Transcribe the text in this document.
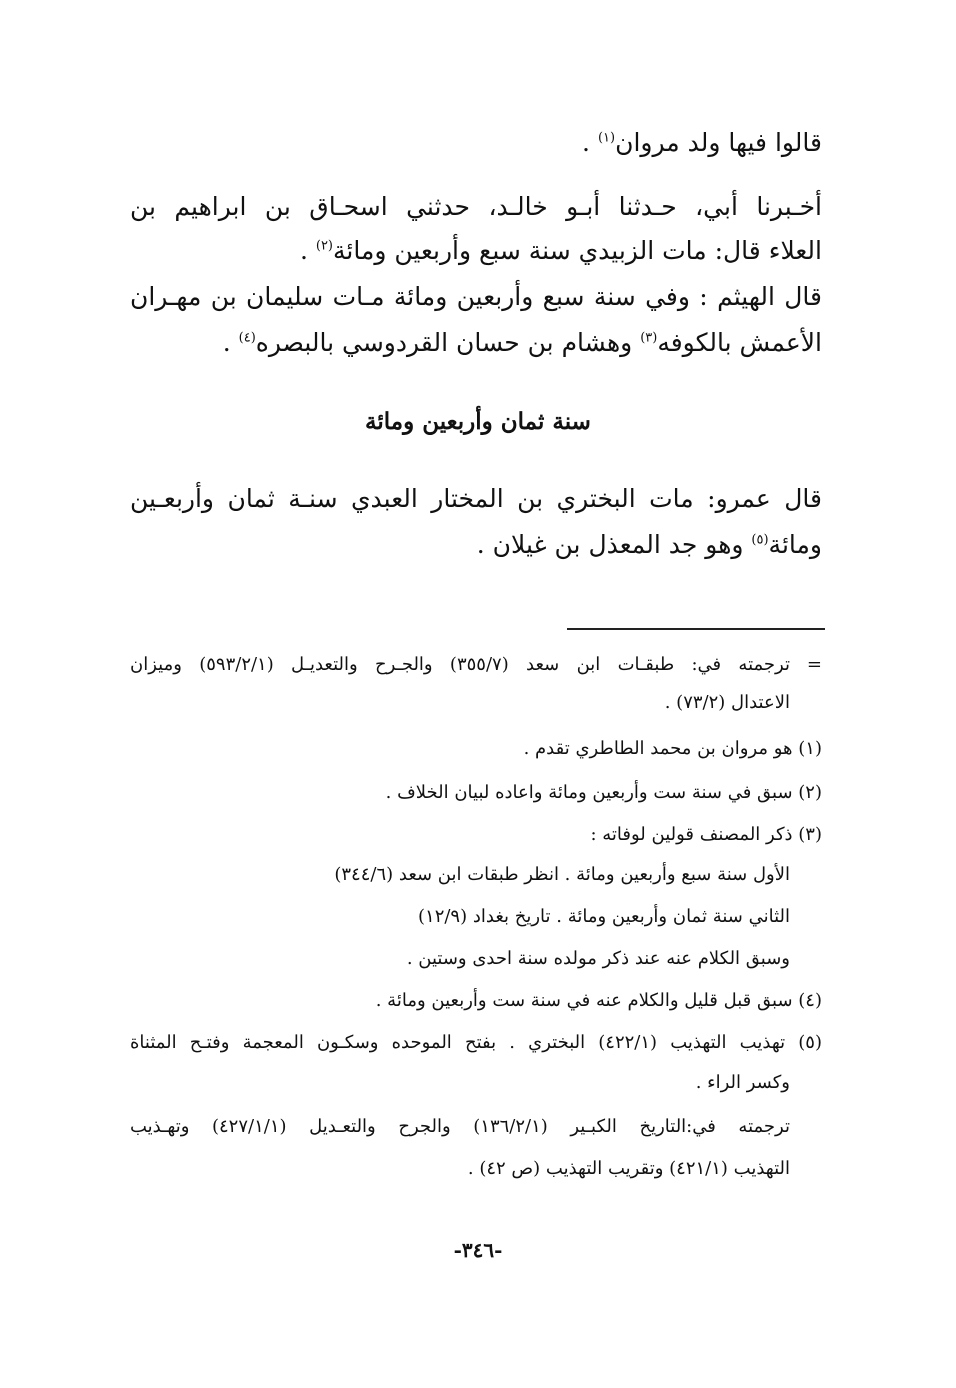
قالوا فيها ولد مروان$^{(١)}$ .
أخـبرنا أبي، حـدثنا أبـو خالـد، حدثني اسحـاق بن ابراهيم بن
العلاء قال: مات الزبيدي سنة سبع وأربعين ومائة$^{(٢)}$ .
قال الهيثم : وفي سنة سبع وأربعين ومائة مـات سليمان بن مهـران
الأعمش بالكوفه$^{(٣)}$ وهشام بن حسان القردوسي بالبصره$^{(٤)}$ .
سنة ثمان وأربعين ومائة
قال عمرو: مات البختري بن المختار العبدي سنـة ثمان وأربعـين
ومائة$^{(٥)}$ وهو جد المعذل بن غيلان .
=
ترجمته في: طبقـات ابن سعد (٣٥٥/٧) والجـرح والتعديـل (٥٩٣/٢/١) وميزان
الاعتدال (٧٣/٢) .
(١) هو مروان بن محمد الطاطري تقدم .
(٢) سبق في سنة ست وأربعين ومائة واعاده لبيان الخلاف .
(٣) ذكر المصنف قولين لوفاته :
الأول سنة سبع وأربعين ومائة . انظر طبقات ابن سعد (٣٤٤/٦)
الثاني سنة ثمان وأربعين ومائة . تاريخ بغداد (١٢/٩)
وسبق الكلام عنه عند ذكر مولده سنة احدى وستين .
(٤) سبق قبل قليل والكلام عنه في سنة ست وأربعين ومائة .
(٥) تهذيب التهذيب (٤٢٢/١) البختري . بفتح الموحده وسكـون المعجمة وفتـح المثناة
وكسر الراء .
ترجمته في:التاريخ الكبـير (١٣٦/٢/١) والجرح والتعـديل (٤٢٧/١/١) وتهـذيب
التهذيب (٤٢١/١) وتقريب التهذيب (ص ٤٢) .
-٣٤٦-
